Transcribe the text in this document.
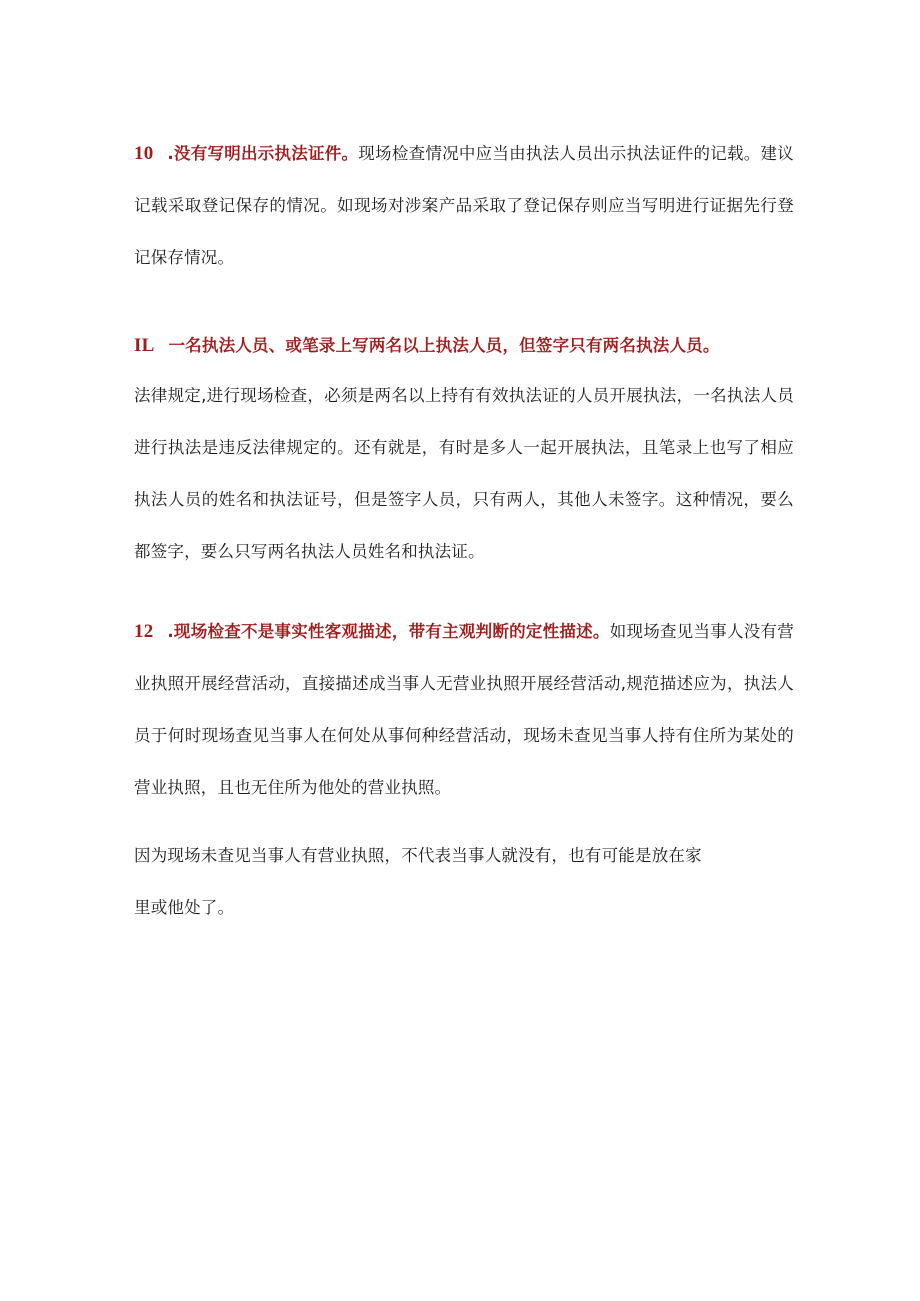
10 .没有写明出示执法证件。现场检查情况中应当由执法人员出示执法证件的记载。建议记载采取登记保存的情况。如现场对涉案产品采取了登记保存则应当写明进行证据先行登记保存情况。

IL 一名执法人员、或笔录上写两名以上执法人员，但签字只有两名执法人员。

法律规定,进行现场检查，必须是两名以上持有有效执法证的人员开展执法，一名执法人员进行执法是违反法律规定的。还有就是，有时是多人一起开展执法，且笔录上也写了相应执法人员的姓名和执法证号，但是签字人员，只有两人，其他人未签字。这种情况，要么都签字，要么只写两名执法人员姓名和执法证。

12 .现场检查不是事实性客观描述，带有主观判断的定性描述。如现场查见当事人没有营业执照开展经营活动，直接描述成当事人无营业执照开展经营活动,规范描述应为，执法人员于何时现场查见当事人在何处从事何种经营活动，现场未查见当事人持有住所为某处的营业执照，且也无住所为他处的营业执照。

因为现场未查见当事人有营业执照，不代表当事人就没有，也有可能是放在家

里或他处了。
